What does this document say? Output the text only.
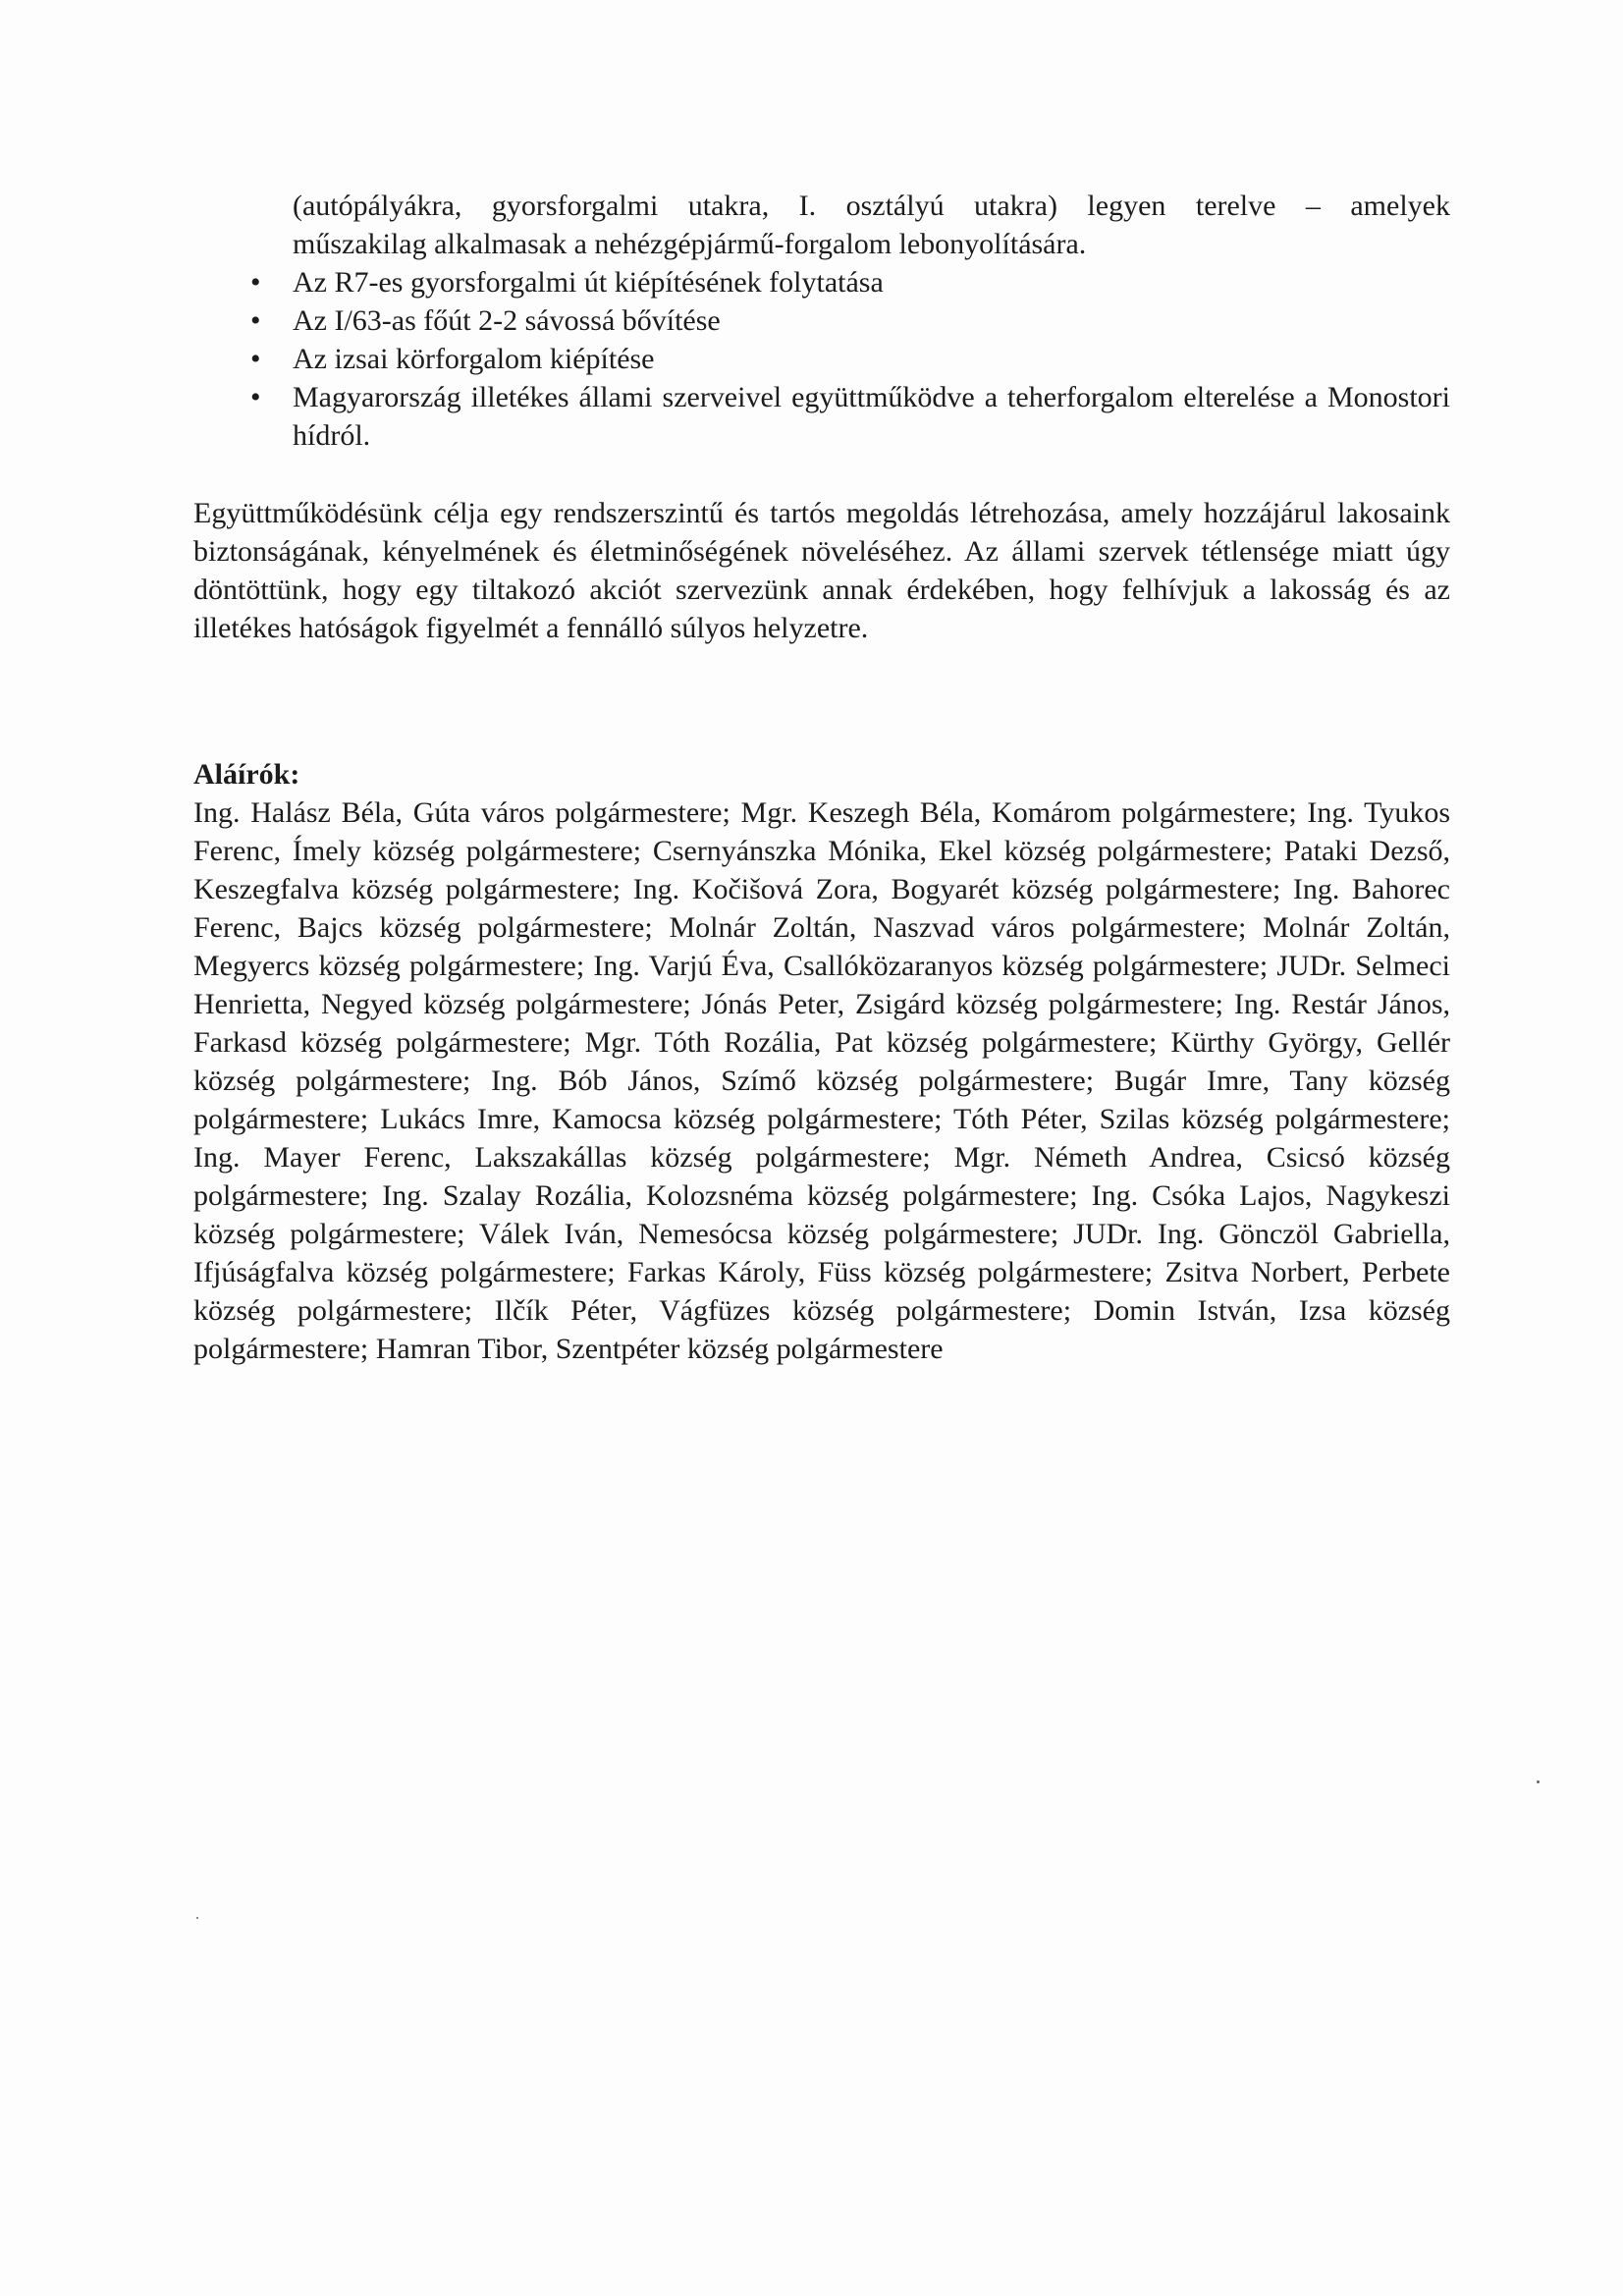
(autópályákra, gyorsforgalmi utakra, I. osztályú utakra) legyen terelve – amelyek
műszakilag alkalmasak a nehézgépjármű-forgalom lebonyolítására.
• Az R7-es gyorsforgalmi út kiépítésének folytatása
• Az I/63-as főút 2-2 sávossá bővítése
• Az izsai körforgalom kiépítése
• Magyarország illetékes állami szerveivel együttműködve a teherforgalom elterelése a Monostori hídról.

Együttműködésünk célja egy rendszerszintű és tartós megoldás létrehozása, amely hozzájárul lakosaink biztonságának, kényelmének és életminőségének növeléséhez. Az állami szervek tétlensége miatt úgy döntöttünk, hogy egy tiltakozó akciót szervezünk annak érdekében, hogy felhívjuk a lakosság és az illetékes hatóságok figyelmét a fennálló súlyos helyzetre.

Aláírók:

Ing. Halász Béla, Gúta város polgármestere; Mgr. Keszegh Béla, Komárom polgármestere; Ing. Tyukos Ferenc, Ímely község polgármestere; Csernyánszka Mónika, Ekel község polgármestere; Pataki Dezső, Keszegfalva község polgármestere; Ing. Kočišová Zora, Bogyarét község polgármestere; Ing. Bahorec Ferenc, Bajcs község polgármestere; Molnár Zoltán, Naszvad város polgármestere; Molnár Zoltán, Megyercs község polgármestere; Ing. Varjú Éva, Csallóközaranyos község polgármestere; JUDr. Selmeci Henrietta, Negyed község polgármestere; Jónás Peter, Zsigárd község polgármestere; Ing. Restár János, Farkasd község polgármestere; Mgr. Tóth Rozália, Pat község polgármestere; Kürthy György, Gellér község polgármestere; Ing. Bób János, Szímő község polgármestere; Bugár Imre, Tany község polgármestere; Lukács Imre, Kamocsa község polgármestere; Tóth Péter, Szilas község polgármestere; Ing. Mayer Ferenc, Lakszakállas község polgármestere; Mgr. Németh Andrea, Csicsó község polgármestere; Ing. Szalay Rozália, Kolozsnéma község polgármestere; Ing. Csóka Lajos, Nagykeszi község polgármestere; Válek Iván, Nemesócsa község polgármestere; JUDr. Ing. Gönczöl Gabriella, Ifjúságfalva község polgármestere; Farkas Károly, Füss község polgármestere; Zsitva Norbert, Perbete község polgármestere; Ilčík Péter, Vágfüzes község polgármestere; Domin István, Izsa község polgármestere; Hamran Tibor, Szentpéter község polgármestere
